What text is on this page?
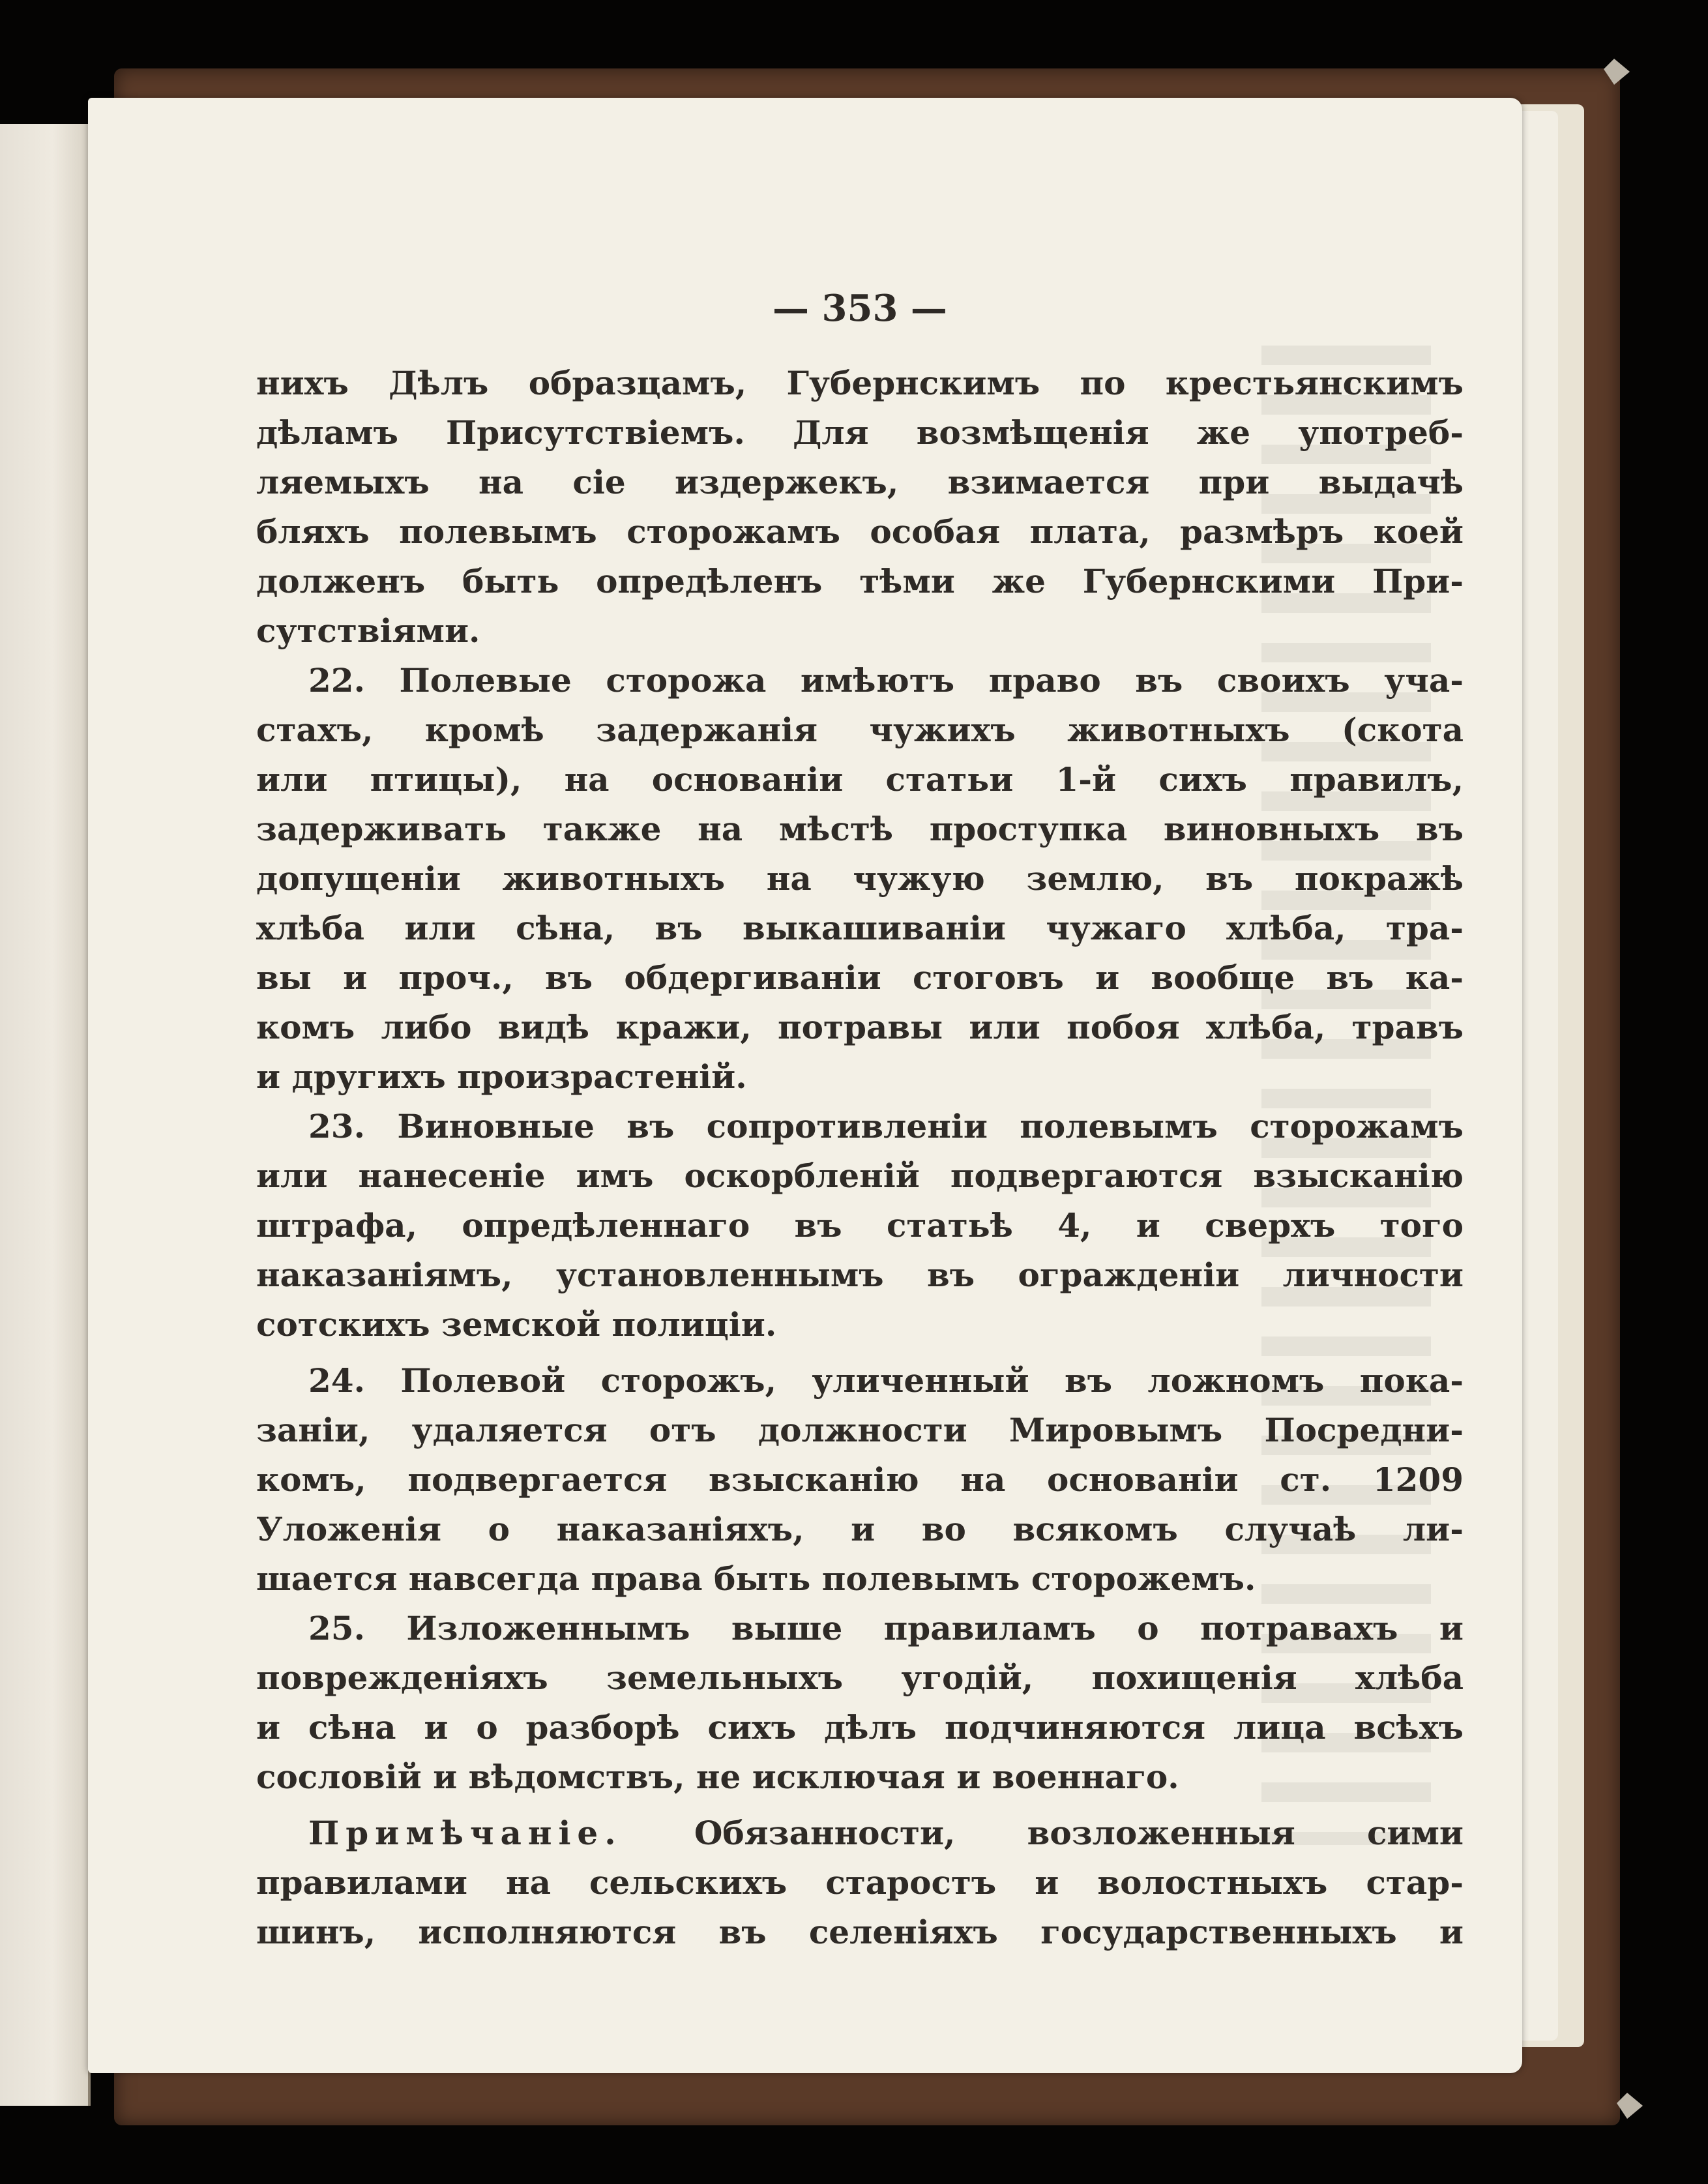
— 353 —
нихъ Дѣлъ образцамъ, Губернскимъ по крестьянскимъ
дѣламъ Присутствіемъ. Для возмѣщенія же употреб-
ляемыхъ на сіе издержекъ, взимается при выдачѣ
бляхъ полевымъ сторожамъ особая плата, размѣръ коей
долженъ быть опредѣленъ тѣми же Губернскими При-
сутствіями.
22. Полевые сторожа имѣютъ право въ своихъ уча-
стахъ, кромѣ задержанія чужихъ животныхъ (скота
или птицы), на основаніи статьи 1-й сихъ правилъ,
задерживать также на мѣстѣ проступка виновныхъ въ
допущеніи животныхъ на чужую землю, въ покражѣ
хлѣба или сѣна, въ выкашиваніи чужаго хлѣба, тра-
вы и проч., въ обдергиваніи стоговъ и вообще въ ка-
комъ либо видѣ кражи, потравы или побоя хлѣба, травъ
и другихъ произрастеній.
23. Виновные въ сопротивленіи полевымъ сторожамъ
или нанесеніе имъ оскорбленій подвергаются взысканію
штрафа, опредѣленнаго въ статьѣ 4, и сверхъ того
наказаніямъ, установленнымъ въ огражденіи личности
сотскихъ земской полиціи.
24. Полевой сторожъ, уличенный въ ложномъ пока-
заніи, удаляется отъ должности Мировымъ Посредни-
комъ, подвергается взысканію на основаніи ст. 1209
Уложенія о наказаніяхъ, и во всякомъ случаѣ ли-
шается навсегда права быть полевымъ сторожемъ.
25. Изложеннымъ выше правиламъ о потравахъ и
поврежденіяхъ земельныхъ угодій, похищенія хлѣба
и сѣна и о разборѣ сихъ дѣлъ подчиняются лица всѣхъ
сословій и вѣдомствъ, не исключая и военнаго.
Примѣчаніе. Обязанности, возложенныя сими
правилами на сельскихъ старостъ и волостныхъ стар-
шинъ, исполняются въ селеніяхъ государственныхъ и
